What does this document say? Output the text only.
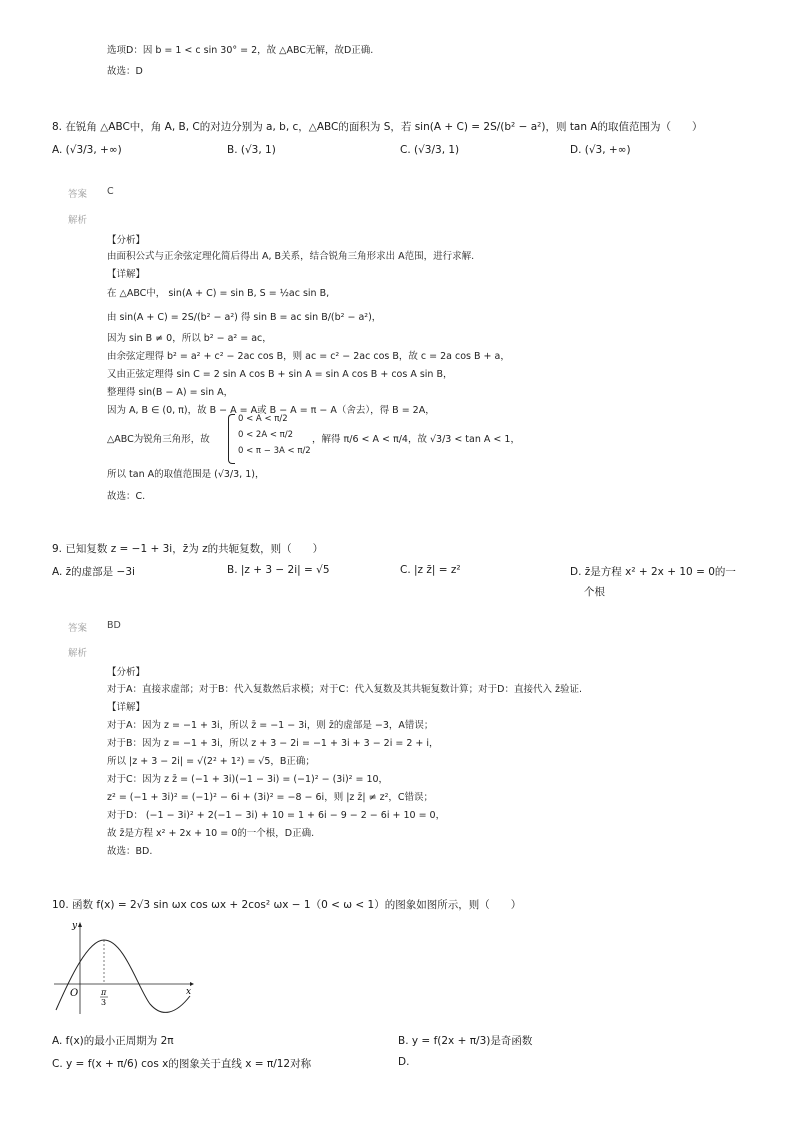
选项D：因 b = 1 < c sin 30° = 2，故 △ABC无解，故D正确.
故选：D
8. 在锐角 △ABC中，角 A, B, C的对边分别为 a, b, c，△ABC的面积为 S，若 sin(A + C) = 2S/(b² − a²)，则 tan A的取值范围为（　　）
A. (√3/3, +∞)	B. (√3, 1)	C. (√3/3, 1)	D. (√3, +∞)
答案 C
解析
【分析】
由面积公式与正余弦定理化简后得出 A, B关系，结合锐角三角形求出 A范围，进行求解.
【详解】
在 △ABC中， sin(A + C) = sin B, S = ½ac sin B,
由 sin(A + C) = 2S/(b² − a²) 得 sin B = ac sin B/(b² − a²)，
因为 sin B ≠ 0，所以 b² − a² = ac，
由余弦定理得 b² = a² + c² − 2ac cos B，则 ac = c² − 2ac cos B，故 c = 2a cos B + a，
又由正弦定理得 sin C = 2 sin A cos B + sin A = sin A cos B + cos A sin B，
整理得 sin(B − A) = sin A，
因为 A, B ∈ (0, π)，故 B − A = A或 B − A = π − A（舍去），得 B = 2A，
△ABC为锐角三角形，故
0 < A < π/2
0 < 2A < π/2
0 < π − 3A < π/2
，解得 π/6 < A < π/4，故 √3/3 < tan A < 1，
所以 tan A的取值范围是 (√3/3, 1)，
故选：C.
9. 已知复数 z = −1 + 3i，z̄为 z的共轭复数，则（　　）
A. z̄的虚部是 −3i	B. |z + 3 − 2i| = √5	C. |z z̄| = z²	D. z̄是方程 x² + 2x + 10 = 0的一
个根
答案 BD
解析
【分析】
对于A：直接求虚部；对于B：代入复数然后求模；对于C：代入复数及其共轭复数计算；对于D：直接代入 z̄验证.
【详解】
对于A：因为 z = −1 + 3i，所以 z̄ = −1 − 3i，则 z̄的虚部是 −3，A错误；
对于B：因为 z = −1 + 3i，所以 z + 3 − 2i = −1 + 3i + 3 − 2i = 2 + i，
所以 |z + 3 − 2i| = √(2² + 1²) = √5，B正确；
对于C：因为 z z̄ = (−1 + 3i)(−1 − 3i) = (−1)² − (3i)² = 10，
z² = (−1 + 3i)² = (−1)² − 6i + (3i)² = −8 − 6i，则 |z z̄| ≠ z²，C错误；
对于D： (−1 − 3i)² + 2(−1 − 3i) + 10 = 1 + 6i − 9 − 2 − 6i + 10 = 0，
故 z̄是方程 x² + 2x + 10 = 0的一个根，D正确.
故选：BD.
10. 函数 f(x) = 2√3 sin ωx cos ωx + 2cos² ωx − 1（0 < ω < 1）的图象如图所示，则（　　）
y
x
O	π
3
A. f(x)的最小正周期为 2π	B. y = f(2x + π/3)是奇函数
C. y = f(x + π/6) cos x的图象关于直线 x = π/12对称	D.
